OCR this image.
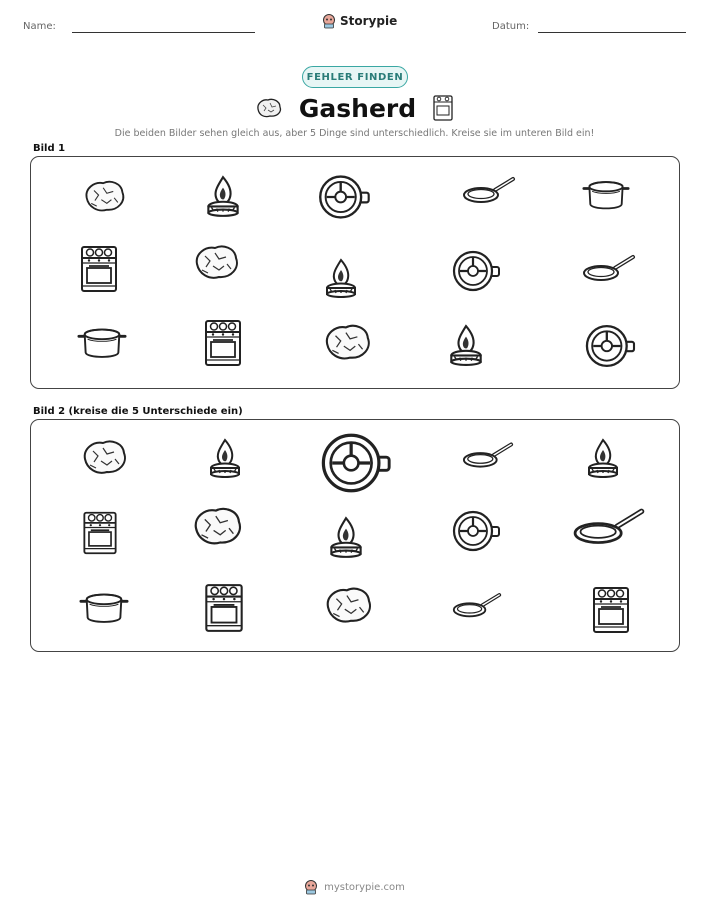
Name:	Storypie	Datum:
FEHLER FINDEN
Gasherd
Die beiden Bilder sehen gleich aus, aber 5 Dinge sind unterschiedlich. Kreise sie im unteren Bild ein!
Bild 1
Bild 2 (kreise die 5 Unterschiede ein)
mystorypie.com
